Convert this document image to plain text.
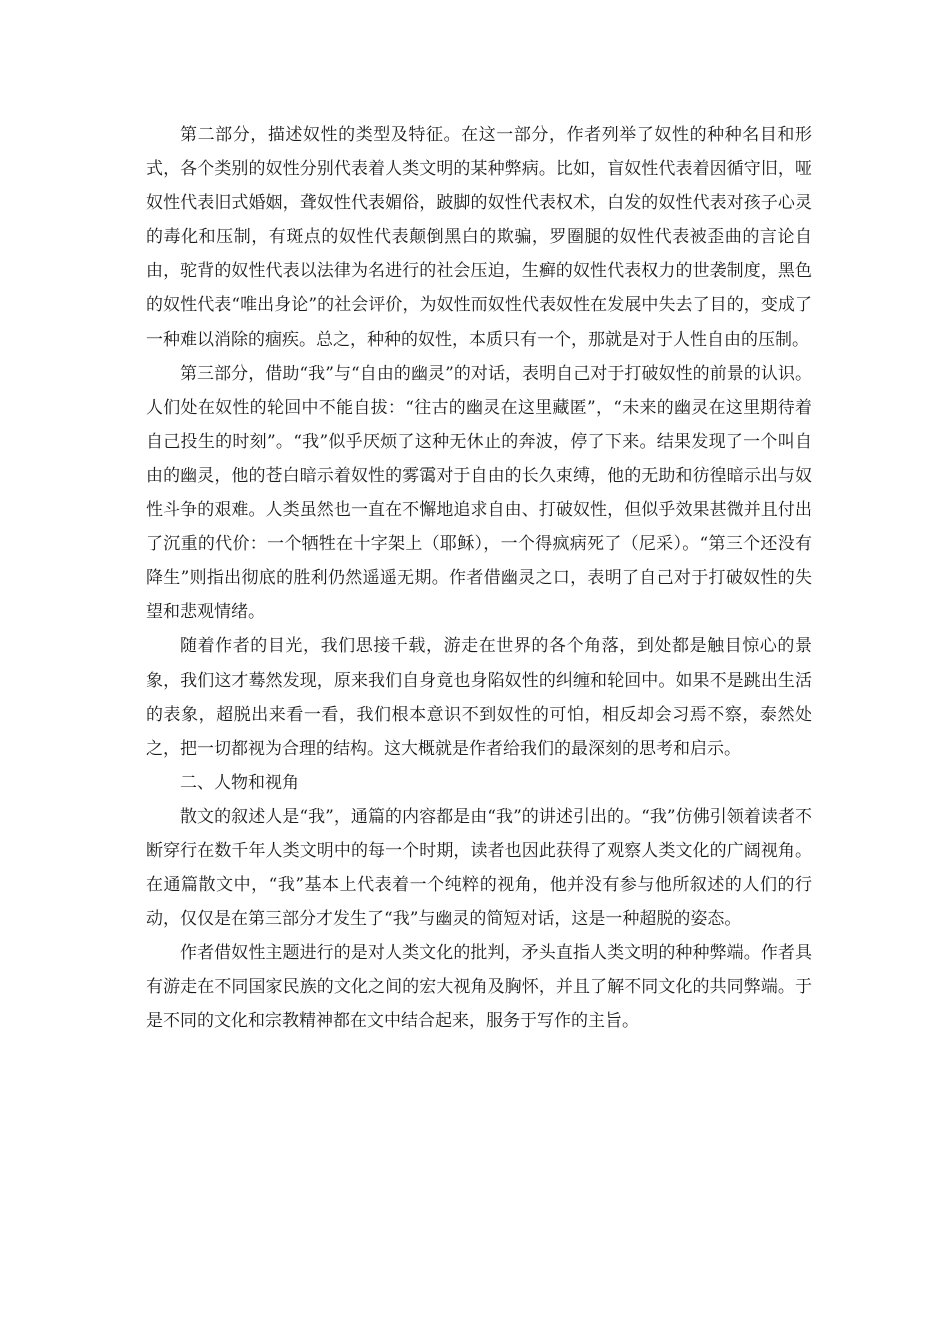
第二部分，描述奴性的类型及特征。在这一部分，作者列举了奴性的种种名目和形式，各个类别的奴性分别代表着人类文明的某种弊病。比如，盲奴性代表着因循守旧，哑奴性代表旧式婚姻，聋奴性代表媚俗，跛脚的奴性代表权术，白发的奴性代表对孩子心灵的毒化和压制，有斑点的奴性代表颠倒黑白的欺骗，罗圈腿的奴性代表被歪曲的言论自由，驼背的奴性代表以法律为名进行的社会压迫，生癣的奴性代表权力的世袭制度，黑色的奴性代表“唯出身论”的社会评价，为奴性而奴性代表奴性在发展中失去了目的，变成了一种难以消除的痼疾。总之，种种的奴性，本质只有一个，那就是对于人性自由的压制。

第三部分，借助“我”与“自由的幽灵”的对话，表明自己对于打破奴性的前景的认识。人们处在奴性的轮回中不能自拔：“往古的幽灵在这里藏匿”，“未来的幽灵在这里期待着自己投生的时刻”。“我”似乎厌烦了这种无休止的奔波，停了下来。结果发现了一个叫自由的幽灵，他的苍白暗示着奴性的雾霭对于自由的长久束缚，他的无助和彷徨暗示出与奴性斗争的艰难。人类虽然也一直在不懈地追求自由、打破奴性，但似乎效果甚微并且付出了沉重的代价：一个牺牲在十字架上（耶稣），一个得疯病死了（尼采）。“第三个还没有降生”则指出彻底的胜利仍然遥遥无期。作者借幽灵之口，表明了自己对于打破奴性的失望和悲观情绪。

随着作者的目光，我们思接千载，游走在世界的各个角落，到处都是触目惊心的景象，我们这才蓦然发现，原来我们自身竟也身陷奴性的纠缠和轮回中。如果不是跳出生活的表象，超脱出来看一看，我们根本意识不到奴性的可怕，相反却会习焉不察，泰然处之，把一切都视为合理的结构。这大概就是作者给我们的最深刻的思考和启示。

二、人物和视角

散文的叙述人是“我”，通篇的内容都是由“我”的讲述引出的。“我”仿佛引领着读者不断穿行在数千年人类文明中的每一个时期，读者也因此获得了观察人类文化的广阔视角。在通篇散文中，“我”基本上代表着一个纯粹的视角，他并没有参与他所叙述的人们的行动，仅仅是在第三部分才发生了“我”与幽灵的简短对话，这是一种超脱的姿态。

作者借奴性主题进行的是对人类文化的批判，矛头直指人类文明的种种弊端。作者具有游走在不同国家民族的文化之间的宏大视角及胸怀，并且了解不同文化的共同弊端。于是不同的文化和宗教精神都在文中结合起来，服务于写作的主旨。
